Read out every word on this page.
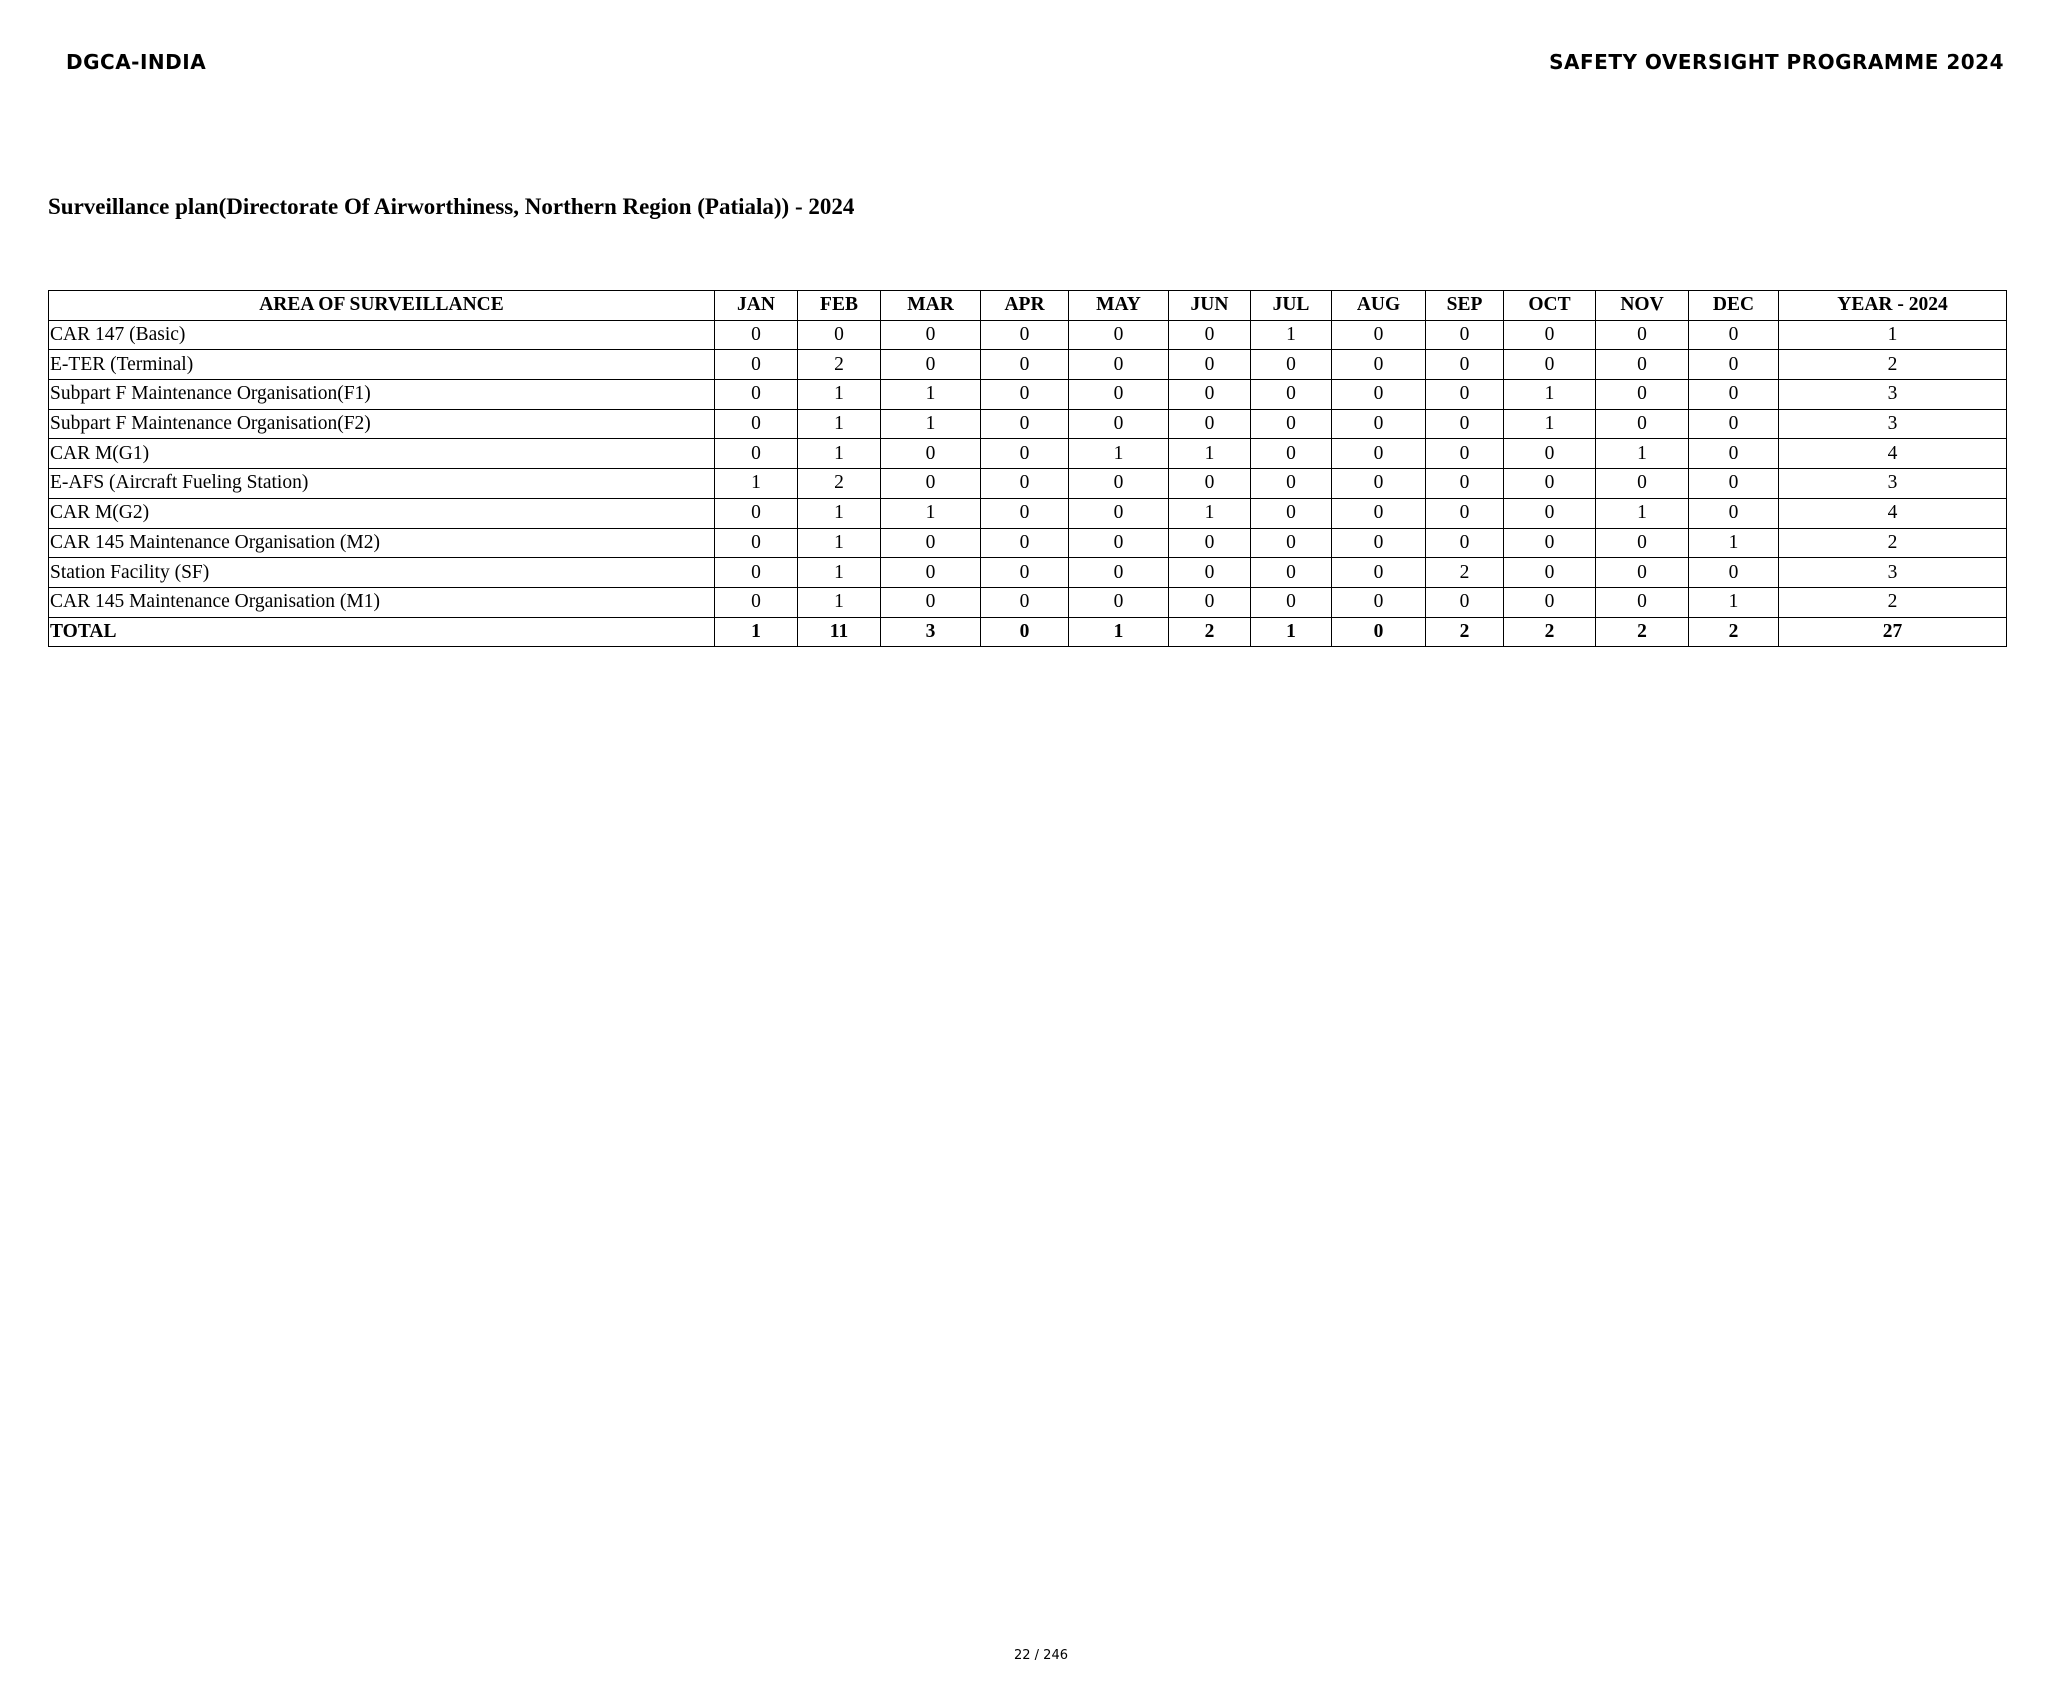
DGCA-INDIA	SAFETY OVERSIGHT PROGRAMME 2024
Surveillance plan(Directorate Of Airworthiness, Northern Region (Patiala)) - 2024
AREA OF SURVEILLANCE	JAN	FEB	MAR	APR	MAY	JUN	JUL	AUG	SEP	OCT	NOV	DEC	YEAR - 2024
CAR 147 (Basic)	0	0	0	0	0	0	1	0	0	0	0	0	1
E-TER (Terminal)	0	2	0	0	0	0	0	0	0	0	0	0	2
Subpart F Maintenance Organisation(F1)	0	1	1	0	0	0	0	0	0	1	0	0	3
Subpart F Maintenance Organisation(F2)	0	1	1	0	0	0	0	0	0	1	0	0	3
CAR M(G1)	0	1	0	0	1	1	0	0	0	0	1	0	4
E-AFS (Aircraft Fueling Station)	1	2	0	0	0	0	0	0	0	0	0	0	3
CAR M(G2)	0	1	1	0	0	1	0	0	0	0	1	0	4
CAR 145 Maintenance Organisation (M2)	0	1	0	0	0	0	0	0	0	0	0	1	2
Station Facility (SF)	0	1	0	0	0	0	0	0	2	0	0	0	3
CAR 145 Maintenance Organisation (M1)	0	1	0	0	0	0	0	0	0	0	0	1	2
TOTAL	1	11	3	0	1	2	1	0	2	2	2	2	27
22 / 246
